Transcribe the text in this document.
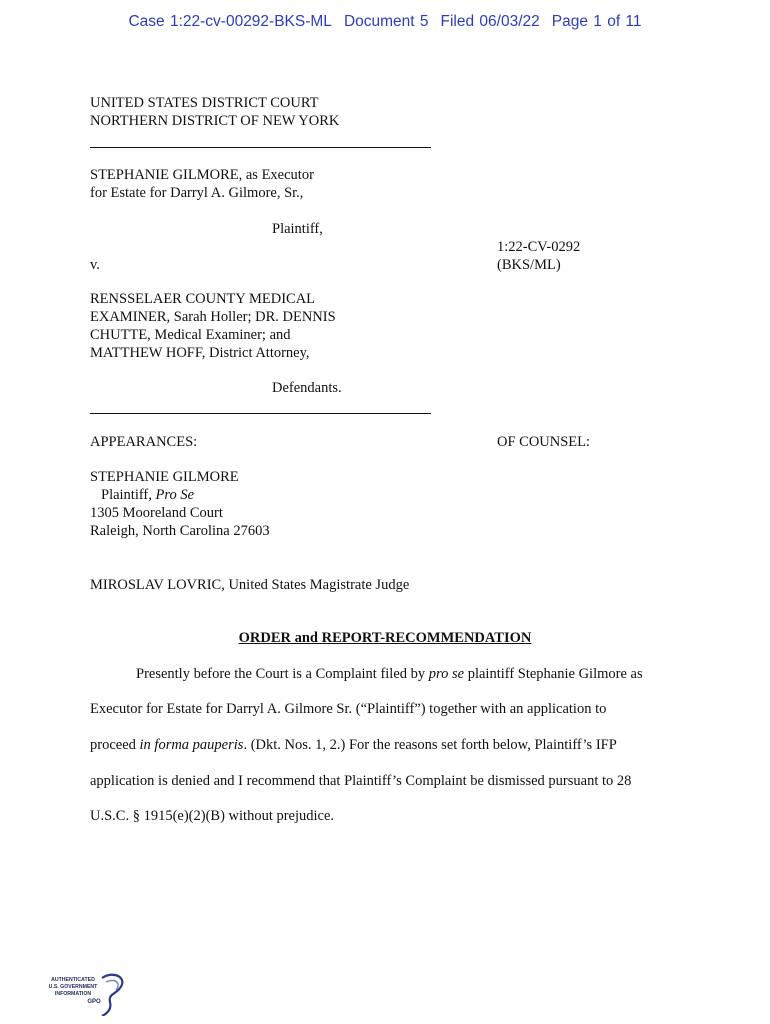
Case 1:22-cv-00292-BKS-ML Document 5 Filed 06/03/22 Page 1 of 11
UNITED STATES DISTRICT COURT
NORTHERN DISTRICT OF NEW YORK
STEPHANIE GILMORE, as Executor
for Estate for Darryl A. Gilmore, Sr.,
Plaintiff,
v.
1:22-CV-0292
(BKS/ML)
RENSSELAER COUNTY MEDICAL
EXAMINER, Sarah Holler; DR. DENNIS
CHUTTE, Medical Examiner; and
MATTHEW HOFF, District Attorney,
Defendants.
APPEARANCES:	OF COUNSEL:
STEPHANIE GILMORE
Plaintiff, Pro Se
1305 Mooreland Court
Raleigh, North Carolina 27603
MIROSLAV LOVRIC, United States Magistrate Judge
ORDER and REPORT-RECOMMENDATION
Presently before the Court is a Complaint filed by pro se plaintiff Stephanie Gilmore as
Executor for Estate for Darryl A. Gilmore Sr. (“Plaintiff”) together with an application to
proceed in forma pauperis. (Dkt. Nos. 1, 2.) For the reasons set forth below, Plaintiff’s IFP
application is denied and I recommend that Plaintiff’s Complaint be dismissed pursuant to 28
U.S.C. § 1915(e)(2)(B) without prejudice.
AUTHENTICATED
U.S. GOVERNMENT
INFORMATION
GPO
